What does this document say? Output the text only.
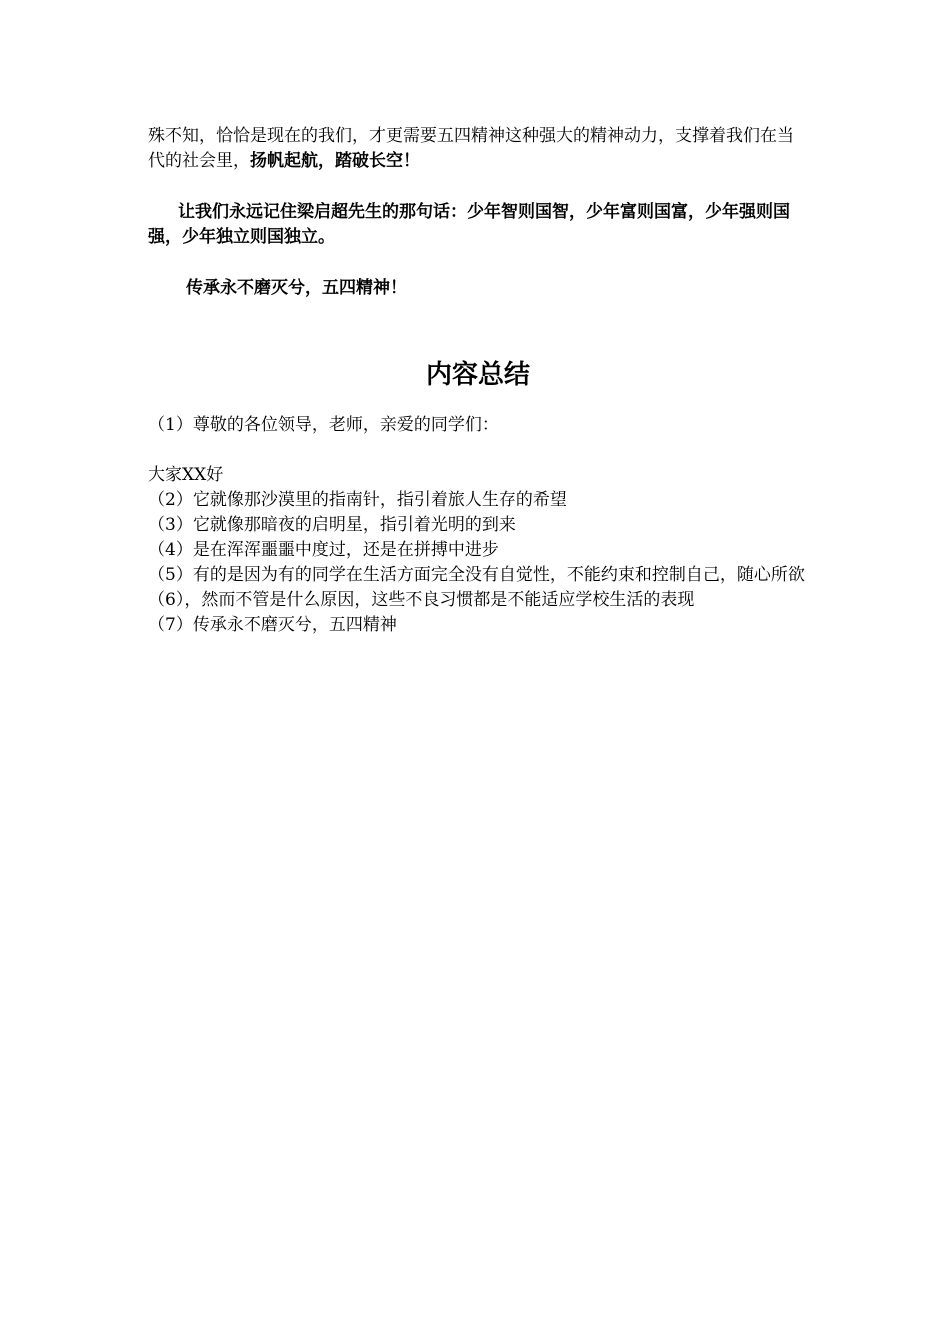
殊不知，恰恰是现在的我们，才更需要五四精神这种强大的精神动力，支撑着我们在当代的社会里，扬帆起航，踏破长空！

让我们永远记住梁启超先生的那句话：少年智则国智，少年富则国富，少年强则国强，少年独立则国独立。

传承永不磨灭兮，五四精神！

内容总结

（1）尊敬的各位领导，老师，亲爱的同学们：

大家XX好

（2）它就像那沙漠里的指南针，指引着旅人生存的希望

（3）它就像那暗夜的启明星，指引着光明的到来

（4）是在浑浑噩噩中度过，还是在拼搏中进步

（5）有的是因为有的同学在生活方面完全没有自觉性，不能约束和控制自己，随心所欲

（6），然而不管是什么原因，这些不良习惯都是不能适应学校生活的表现

（7）传承永不磨灭兮，五四精神
